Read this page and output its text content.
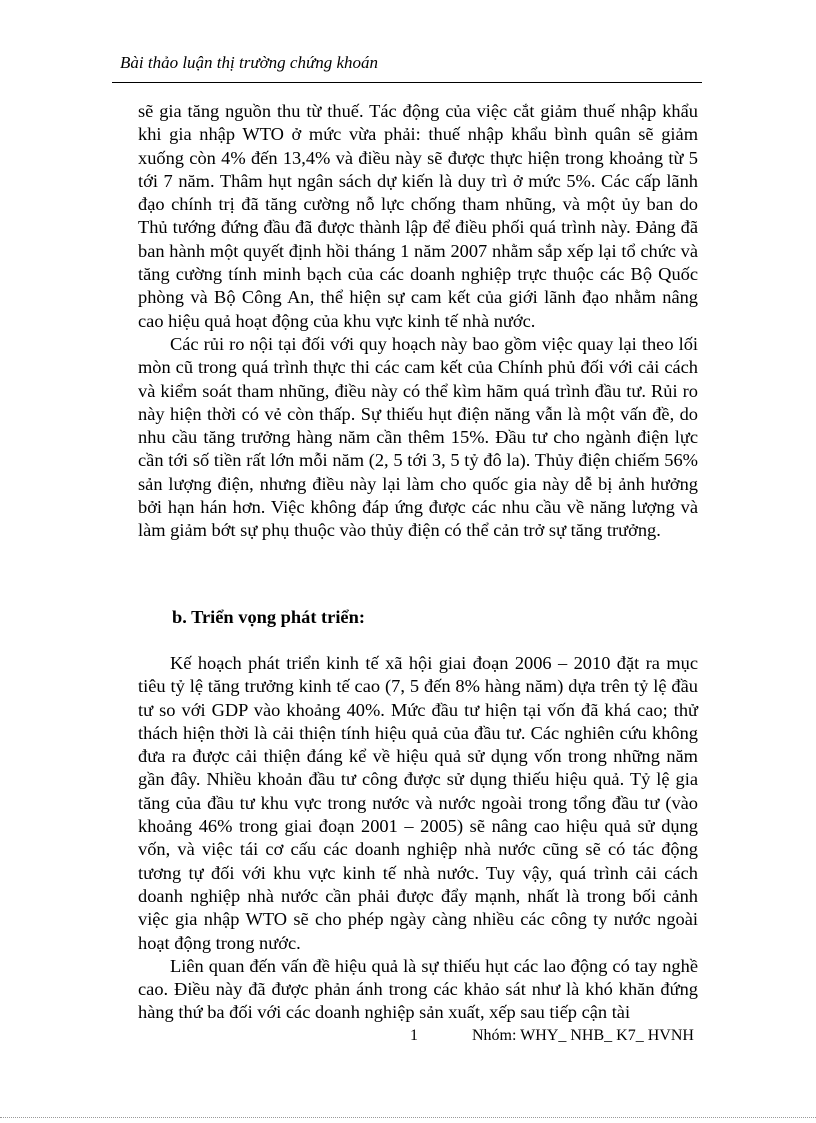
Bài thảo luận thị trường chứng khoán

sẽ gia tăng nguồn thu từ thuế. Tác động của việc cắt giảm thuế nhập khẩu khi gia nhập WTO ở mức vừa phải: thuế nhập khẩu bình quân sẽ giảm xuống còn 4% đến 13,4% và điều này sẽ được thực hiện trong khoảng từ 5 tới 7 năm. Thâm hụt ngân sách dự kiến là duy trì ở mức 5%. Các cấp lãnh đạo chính trị đã tăng cường nỗ lực chống tham nhũng, và một ủy ban do Thủ tướng đứng đầu đã được thành lập để điều phối quá trình này. Đảng đã ban hành một quyết định hồi tháng 1 năm 2007 nhằm sắp xếp lại tổ chức và tăng cường tính minh bạch của các doanh nghiệp trực thuộc các Bộ Quốc phòng và Bộ Công An, thể hiện sự cam kết của giới lãnh đạo nhằm nâng cao hiệu quả hoạt động của khu vực kinh tế nhà nước.

Các rủi ro nội tại đối với quy hoạch này bao gồm việc quay lại theo lối mòn cũ trong quá trình thực thi các cam kết của Chính phủ đối với cải cách và kiểm soát tham nhũng, điều này có thể kìm hãm quá trình đầu tư. Rủi ro này hiện thời có vẻ còn thấp. Sự thiếu hụt điện năng vẫn là một vấn đề, do nhu cầu tăng trưởng hàng năm cần thêm 15%. Đầu tư cho ngành điện lực cần tới số tiền rất lớn mỗi năm (2, 5 tới 3, 5 tỷ đô la). Thủy điện chiếm 56% sản lượng điện, nhưng điều này lại làm cho quốc gia này dễ bị ảnh hưởng bởi hạn hán hơn. Việc không đáp ứng được các nhu cầu về năng lượng và làm giảm bớt sự phụ thuộc vào thủy điện có thể cản trở sự tăng trưởng.

b. Triển vọng phát triển:

Kế hoạch phát triển kinh tế xã hội giai đoạn 2006 – 2010 đặt ra mục tiêu tỷ lệ tăng trưởng kinh tế cao (7, 5 đến 8% hàng năm) dựa trên tỷ lệ đầu tư so với GDP vào khoảng 40%. Mức đầu tư hiện tại vốn đã khá cao; thử thách hiện thời là cải thiện tính hiệu quả của đầu tư. Các nghiên cứu không đưa ra được cải thiện đáng kể về hiệu quả sử dụng vốn trong những năm gần đây. Nhiều khoản đầu tư công được sử dụng thiếu hiệu quả. Tỷ lệ gia tăng của đầu tư khu vực trong nước và nước ngoài trong tổng đầu tư (vào khoảng 46% trong giai đoạn 2001 – 2005) sẽ nâng cao hiệu quả sử dụng vốn, và việc tái cơ cấu các doanh nghiệp nhà nước cũng sẽ có tác động tương tự đối với khu vực kinh tế nhà nước. Tuy vậy, quá trình cải cách doanh nghiệp nhà nước cần phải được đẩy mạnh, nhất là trong bối cảnh việc gia nhập WTO sẽ cho phép ngày càng nhiều các công ty nước ngoài hoạt động trong nước.

Liên quan đến vấn đề hiệu quả là sự thiếu hụt các lao động có tay nghề cao. Điều này đã được phản ánh trong các khảo sát như là khó khăn đứng hàng thứ ba đối với các doanh nghiệp sản xuất, xếp sau tiếp cận tài

1	Nhóm: WHY_ NHB_ K7_ HVNH
